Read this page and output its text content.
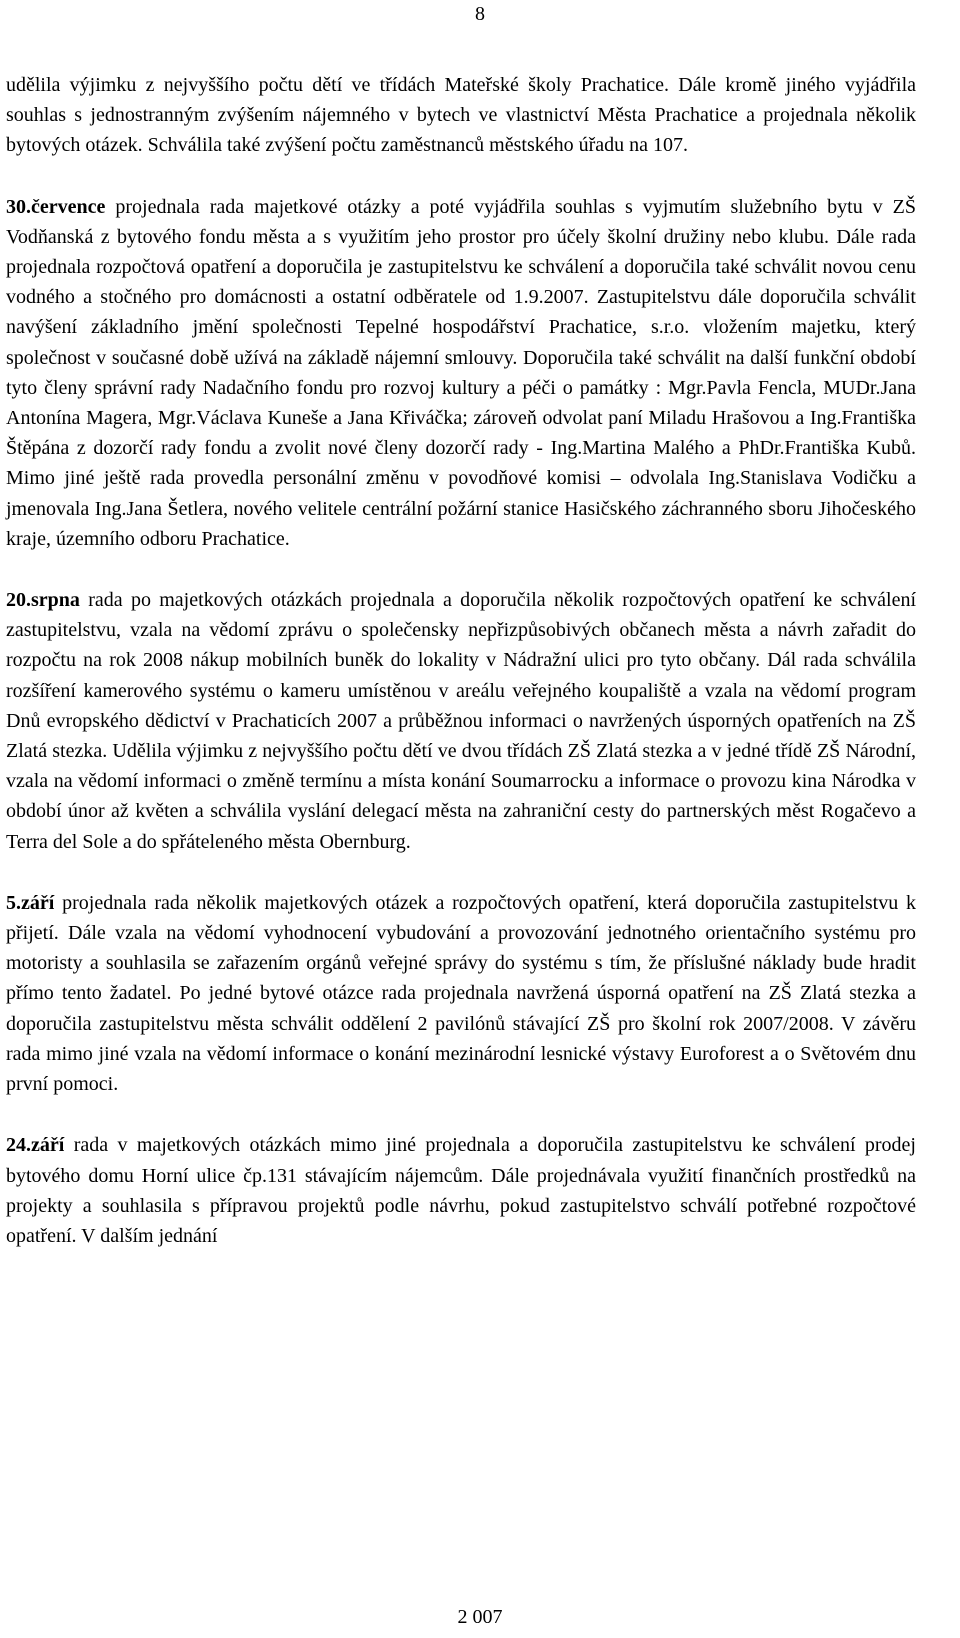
8

udělila výjimku z nejvyššího počtu dětí ve třídách Mateřské školy Prachatice. Dále kromě jiného vyjádřila souhlas s jednostranným zvýšením nájemného v bytech ve vlastnictví Města Prachatice a projednala několik bytových otázek. Schválila také zvýšení počtu zaměstnanců městského úřadu na 107.

30.července projednala rada majetkové otázky a poté vyjádřila souhlas s vyjmutím služebního bytu v ZŠ Vodňanská z bytového fondu města a s využitím jeho prostor pro účely školní družiny nebo klubu. Dále rada projednala rozpočtová opatření a doporučila je zastupitelstvu ke schválení a doporučila také schválit novou cenu vodného a stočného pro domácnosti a ostatní odběratele od 1.9.2007. Zastupitelstvu dále doporučila schválit navýšení základního jmění společnosti Tepelné hospodářství Prachatice, s.r.o. vložením majetku, který společnost v současné době užívá na základě nájemní smlouvy. Doporučila také schválit na další funkční období tyto členy správní rady Nadačního fondu pro rozvoj kultury a péči o památky : Mgr.Pavla Fencla, MUDr.Jana Antonína Magera, Mgr.Václava Kuneše a Jana Křiváčka; zároveň odvolat paní Miladu Hrašovou a Ing.Františka Štěpána z dozorčí rady fondu a zvolit nové členy dozorčí rady - Ing.Martina Malého a PhDr.Františka Kubů. Mimo jiné ještě rada provedla personální změnu v povodňové komisi – odvolala Ing.Stanislava Vodičku a jmenovala Ing.Jana Šetlera, nového velitele centrální požární stanice Hasičského záchranného sboru Jihočeského kraje, územního odboru Prachatice.

20.srpna rada po majetkových otázkách projednala a doporučila několik rozpočtových opatření ke schválení zastupitelstvu, vzala na vědomí zprávu o společensky nepřizpůsobivých občanech města a návrh zařadit do rozpočtu na rok 2008 nákup mobilních buněk do lokality v Nádražní ulici pro tyto občany. Dál rada schválila rozšíření kamerového systému o kameru umístěnou v areálu veřejného koupaliště a vzala na vědomí program Dnů evropského dědictví v Prachaticích 2007 a průběžnou informaci o navržených úsporných opatřeních na ZŠ Zlatá stezka. Udělila výjimku z nejvyššího počtu dětí ve dvou třídách ZŠ Zlatá stezka a v jedné třídě ZŠ Národní, vzala na vědomí informaci o změně termínu a místa konání Soumarrocku a informace o provozu kina Národka v období únor až květen a schválila vyslání delegací města na zahraniční cesty do partnerských měst Rogačevo a Terra del Sole a do spřáteleného města Obernburg.

5.září projednala rada několik majetkových otázek a rozpočtových opatření, která doporučila zastupitelstvu k přijetí. Dále vzala na vědomí vyhodnocení vybudování a provozování jednotného orientačního systému pro motoristy a souhlasila se zařazením orgánů veřejné správy do systému s tím, že příslušné náklady bude hradit přímo tento žadatel. Po jedné bytové otázce rada projednala navržená úsporná opatření na ZŠ Zlatá stezka a doporučila zastupitelstvu města schválit oddělení 2 pavilónů stávající ZŠ pro školní rok 2007/2008. V závěru rada mimo jiné vzala na vědomí informace o konání mezinárodní lesnické výstavy Euroforest a o Světovém dnu první pomoci.

24.září rada v majetkových otázkách mimo jiné projednala a doporučila zastupitelstvu ke schválení prodej bytového domu Horní ulice čp.131 stávajícím nájemcům. Dále projednávala využití finančních prostředků na projekty a souhlasila s přípravou projektů podle návrhu, pokud zastupitelstvo schválí potřebné rozpočtové opatření. V dalším jednání

2 007
